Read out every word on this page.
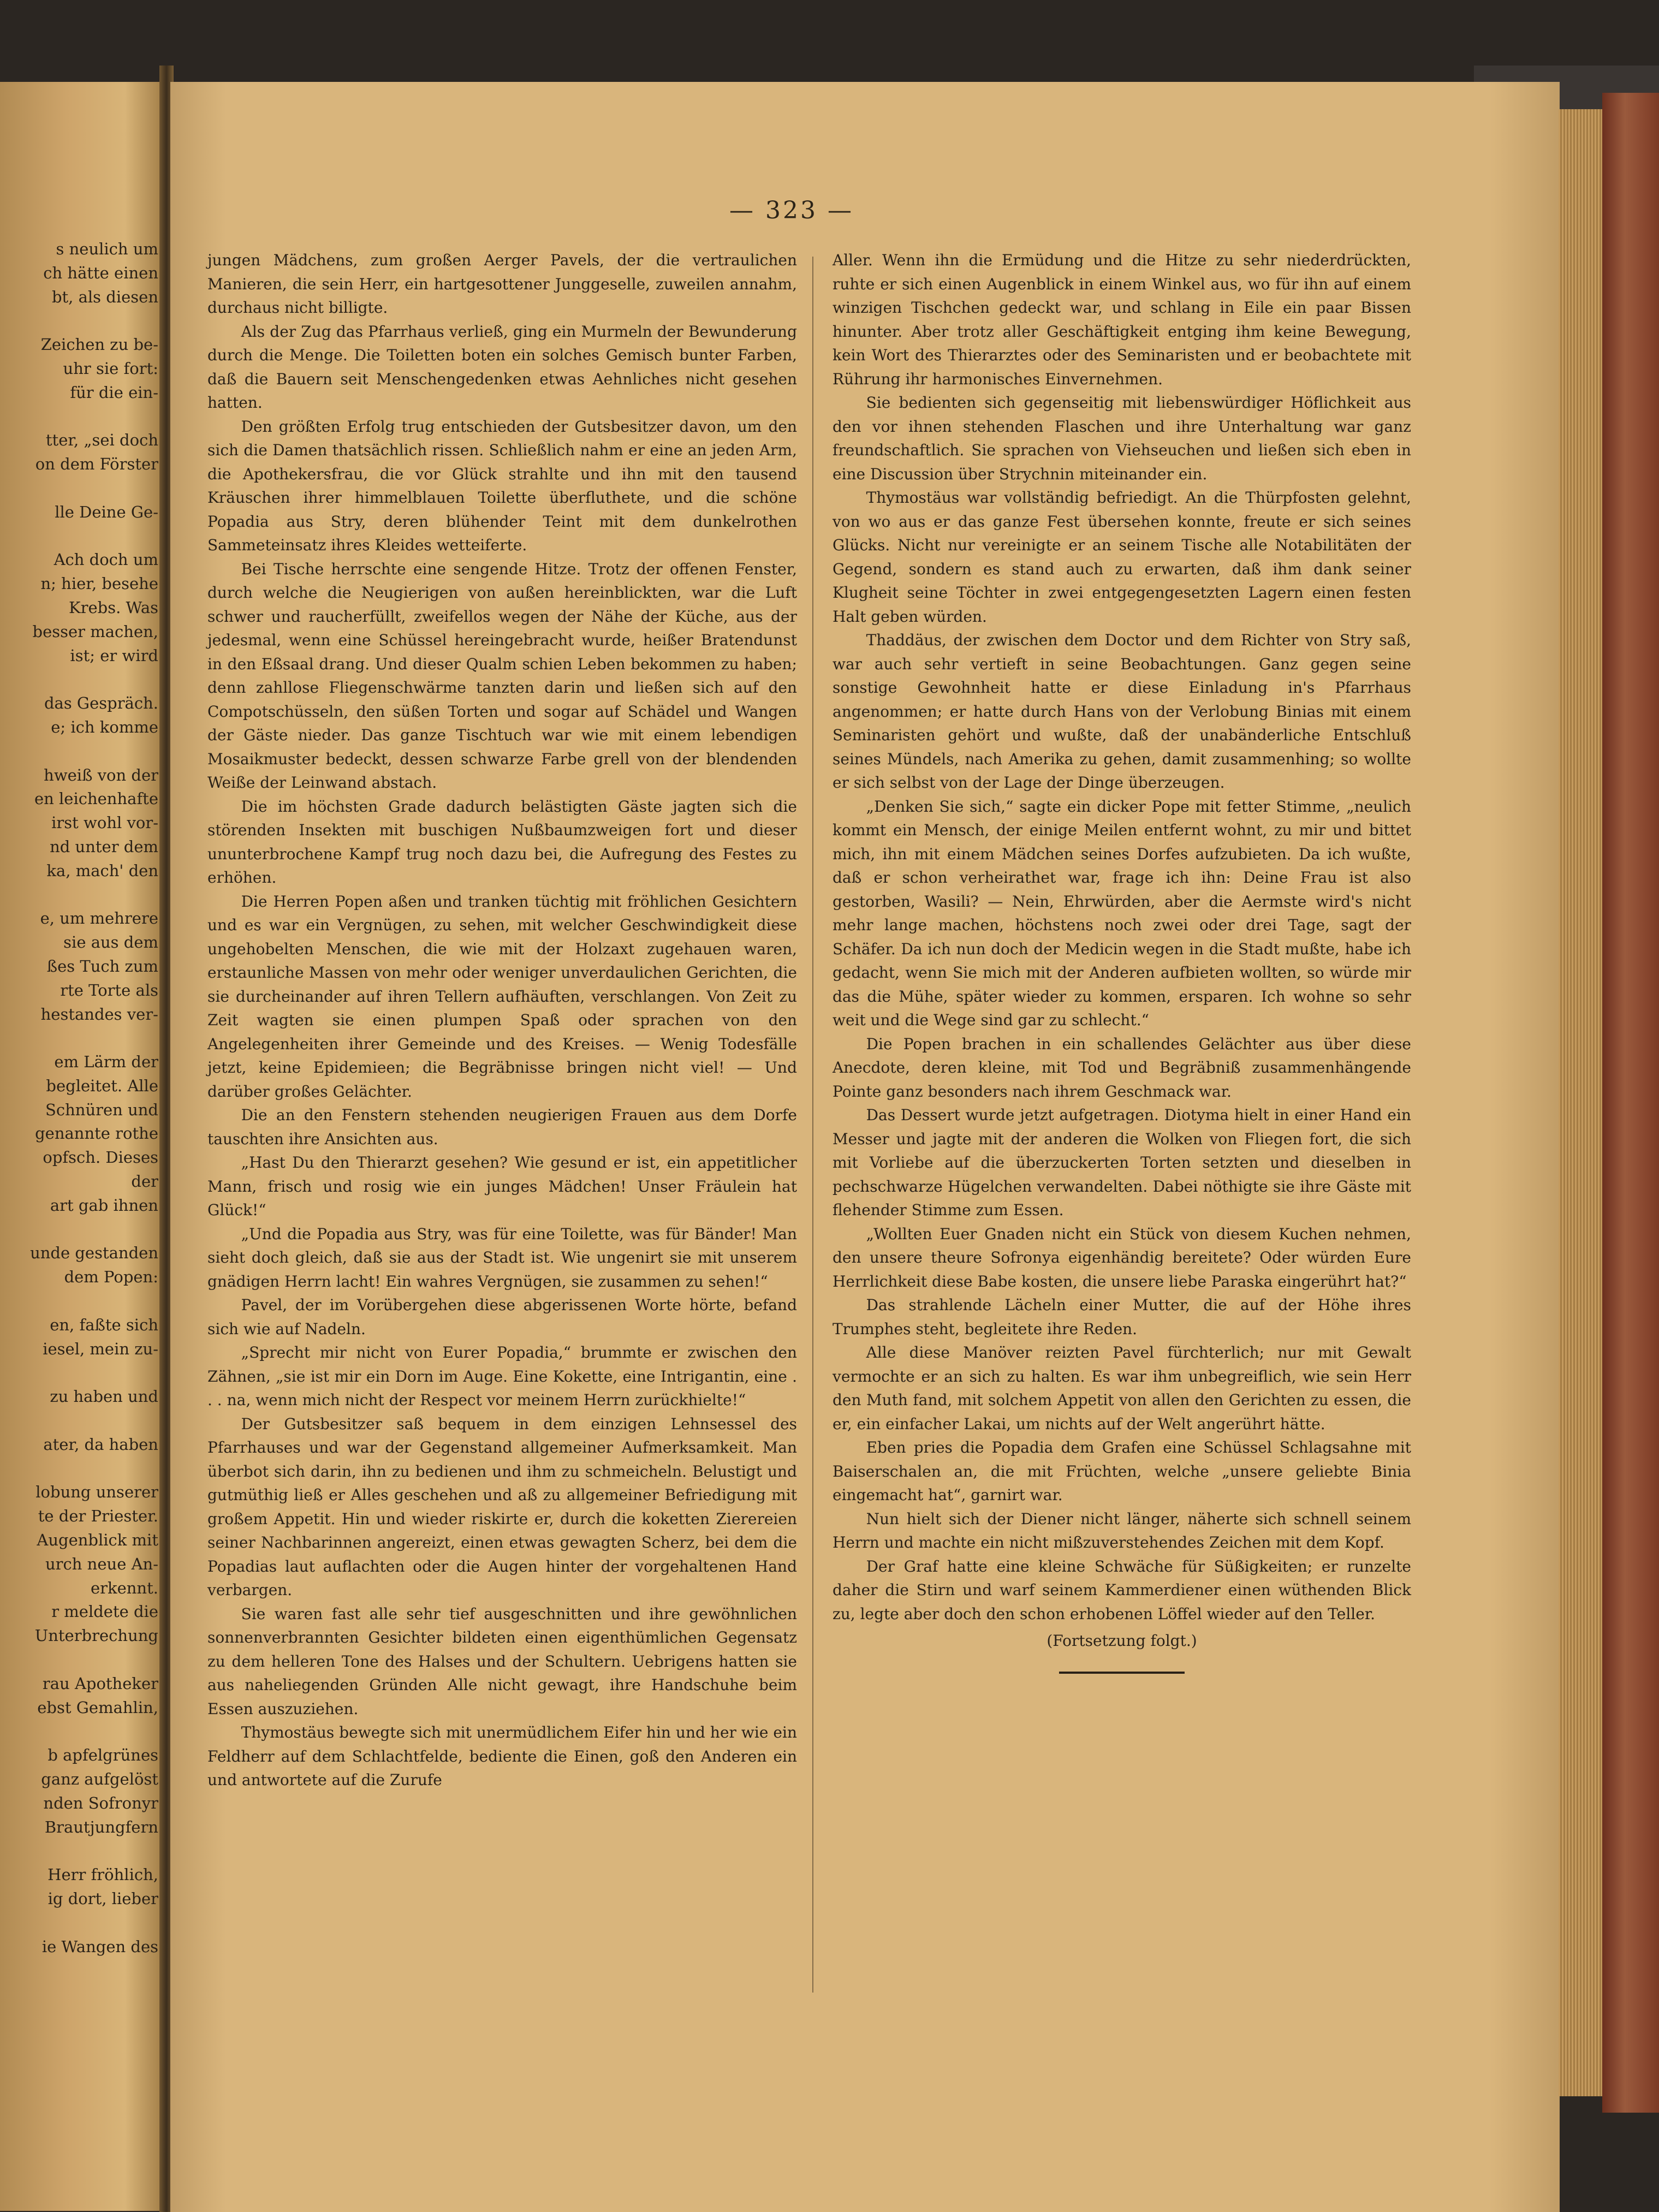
s neulich um
ch hätte einen
bt, als diesen
Zeichen zu be-
uhr sie fort:
für die ein-
tter, „sei doch
on dem Förster
lle Deine Ge-
Ach doch um
n; hier, besehe
Krebs. Was
besser machen,
ist; er wird
das Gespräch.
e; ich komme
hweiß von der
en leichenhafte
irst wohl vor-
nd unter dem
ka, mach' den
e, um mehrere
sie aus dem
ßes Tuch zum
rte Torte als
hestandes ver-
em Lärm der
begleitet. Alle
Schnüren und
genannte rothe
opfsch. Dieses
der
art gab ihnen
unde gestanden
dem Popen:
en, faßte sich
iesel, mein zu-
zu haben und
ater, da haben
lobung unserer
te der Priester.
Augenblick mit
urch neue An-
erkennt.
r meldete die
Unterbrechung
rau Apotheker
ebst Gemahlin,
b apfelgrünes
ganz aufgelöst
nden Sofronyr
Brautjungfern
Herr fröhlich,
ig dort, lieber
ie Wangen des
— 323 —

jungen Mädchens, zum großen Aerger Pavels, der die vertraulichen Manieren, die sein Herr, ein hartgesottener Junggeselle, zuweilen annahm, durchaus nicht billigte.

Als der Zug das Pfarrhaus verließ, ging ein Murmeln der Bewunderung durch die Menge. Die Toiletten boten ein solches Gemisch bunter Farben, daß die Bauern seit Menschengedenken etwas Aehnliches nicht gesehen hatten.

Den größten Erfolg trug entschieden der Gutsbesitzer davon, um den sich die Damen thatsächlich rissen. Schließlich nahm er eine an jeden Arm, die Apothekersfrau, die vor Glück strahlte und ihn mit den tausend Kräuschen ihrer himmelblauen Toilette überfluthete, und die schöne Popadia aus Stry, deren blühender Teint mit dem dunkelrothen Sammeteinsatz ihres Kleides wetteiferte.

Bei Tische herrschte eine sengende Hitze. Trotz der offenen Fenster, durch welche die Neugierigen von außen hereinblickten, war die Luft schwer und raucherfüllt, zweifellos wegen der Nähe der Küche, aus der jedesmal, wenn eine Schüssel hereingebracht wurde, heißer Bratendunst in den Eßsaal drang. Und dieser Qualm schien Leben bekommen zu haben; denn zahllose Fliegenschwärme tanzten darin und ließen sich auf den Compotschüsseln, den süßen Torten und sogar auf Schädel und Wangen der Gäste nieder. Das ganze Tischtuch war wie mit einem lebendigen Mosaikmuster bedeckt, dessen schwarze Farbe grell von der blendenden Weiße der Leinwand abstach.

Die im höchsten Grade dadurch belästigten Gäste jagten sich die störenden Insekten mit buschigen Nußbaumzweigen fort und dieser ununterbrochene Kampf trug noch dazu bei, die Aufregung des Festes zu erhöhen.

Die Herren Popen aßen und tranken tüchtig mit fröhlichen Gesichtern und es war ein Vergnügen, zu sehen, mit welcher Geschwindigkeit diese ungehobelten Menschen, die wie mit der Holzaxt zugehauen waren, erstaunliche Massen von mehr oder weniger unverdaulichen Gerichten, die sie durcheinander auf ihren Tellern aufhäuften, verschlangen. Von Zeit zu Zeit wagten sie einen plumpen Spaß oder sprachen von den Angelegenheiten ihrer Gemeinde und des Kreises. — Wenig Todesfälle jetzt, keine Epidemieen; die Begräbnisse bringen nicht viel! — Und darüber großes Gelächter.

Die an den Fenstern stehenden neugierigen Frauen aus dem Dorfe tauschten ihre Ansichten aus.

„Hast Du den Thierarzt gesehen? Wie gesund er ist, ein appetitlicher Mann, frisch und rosig wie ein junges Mädchen! Unser Fräulein hat Glück!“

„Und die Popadia aus Stry, was für eine Toilette, was für Bänder! Man sieht doch gleich, daß sie aus der Stadt ist. Wie ungenirt sie mit unserem gnädigen Herrn lacht! Ein wahres Vergnügen, sie zusammen zu sehen!“

Pavel, der im Vorübergehen diese abgerissenen Worte hörte, befand sich wie auf Nadeln.

„Sprecht mir nicht von Eurer Popadia,“ brummte er zwischen den Zähnen, „sie ist mir ein Dorn im Auge. Eine Kokette, eine Intrigantin, eine . . . na, wenn mich nicht der Respect vor meinem Herrn zurückhielte!“

Der Gutsbesitzer saß bequem in dem einzigen Lehnsessel des Pfarrhauses und war der Gegenstand allgemeiner Aufmerksamkeit. Man überbot sich darin, ihn zu bedienen und ihm zu schmeicheln. Belustigt und gutmüthig ließ er Alles geschehen und aß zu allgemeiner Befriedigung mit großem Appetit. Hin und wieder riskirte er, durch die koketten Zierereien seiner Nachbarinnen angereizt, einen etwas gewagten Scherz, bei dem die Popadias laut auflachten oder die Augen hinter der vorgehaltenen Hand verbargen.

Sie waren fast alle sehr tief ausgeschnitten und ihre gewöhnlichen sonnenverbrannten Gesichter bildeten einen eigenthümlichen Gegensatz zu dem helleren Tone des Halses und der Schultern. Uebrigens hatten sie aus naheliegenden Gründen Alle nicht gewagt, ihre Handschuhe beim Essen auszuziehen.

Thymostäus bewegte sich mit unermüdlichem Eifer hin und her wie ein Feldherr auf dem Schlachtfelde, bediente die Einen, goß den Anderen ein und antwortete auf die Zurufe

Aller. Wenn ihn die Ermüdung und die Hitze zu sehr niederdrückten, ruhte er sich einen Augenblick in einem Winkel aus, wo für ihn auf einem winzigen Tischchen gedeckt war, und schlang in Eile ein paar Bissen hinunter. Aber trotz aller Geschäftigkeit entging ihm keine Bewegung, kein Wort des Thierarztes oder des Seminaristen und er beobachtete mit Rührung ihr harmonisches Einvernehmen.

Sie bedienten sich gegenseitig mit liebenswürdiger Höflichkeit aus den vor ihnen stehenden Flaschen und ihre Unterhaltung war ganz freundschaftlich. Sie sprachen von Viehseuchen und ließen sich eben in eine Discussion über Strychnin miteinander ein.

Thymostäus war vollständig befriedigt. An die Thürpfosten gelehnt, von wo aus er das ganze Fest übersehen konnte, freute er sich seines Glücks. Nicht nur vereinigte er an seinem Tische alle Notabilitäten der Gegend, sondern es stand auch zu erwarten, daß ihm dank seiner Klugheit seine Töchter in zwei entgegengesetzten Lagern einen festen Halt geben würden.

Thaddäus, der zwischen dem Doctor und dem Richter von Stry saß, war auch sehr vertieft in seine Beobachtungen. Ganz gegen seine sonstige Gewohnheit hatte er diese Einladung in's Pfarrhaus angenommen; er hatte durch Hans von der Verlobung Binias mit einem Seminaristen gehört und wußte, daß der unabänderliche Entschluß seines Mündels, nach Amerika zu gehen, damit zusammenhing; so wollte er sich selbst von der Lage der Dinge überzeugen.

„Denken Sie sich,“ sagte ein dicker Pope mit fetter Stimme, „neulich kommt ein Mensch, der einige Meilen entfernt wohnt, zu mir und bittet mich, ihn mit einem Mädchen seines Dorfes aufzubieten. Da ich wußte, daß er schon verheirathet war, frage ich ihn: Deine Frau ist also gestorben, Wasili? — Nein, Ehrwürden, aber die Aermste wird's nicht mehr lange machen, höchstens noch zwei oder drei Tage, sagt der Schäfer. Da ich nun doch der Medicin wegen in die Stadt mußte, habe ich gedacht, wenn Sie mich mit der Anderen aufbieten wollten, so würde mir das die Mühe, später wieder zu kommen, ersparen. Ich wohne so sehr weit und die Wege sind gar zu schlecht.“

Die Popen brachen in ein schallendes Gelächter aus über diese Anecdote, deren kleine, mit Tod und Begräbniß zusammenhängende Pointe ganz besonders nach ihrem Geschmack war.

Das Dessert wurde jetzt aufgetragen. Diotyma hielt in einer Hand ein Messer und jagte mit der anderen die Wolken von Fliegen fort, die sich mit Vorliebe auf die überzuckerten Torten setzten und dieselben in pechschwarze Hügelchen verwandelten. Dabei nöthigte sie ihre Gäste mit flehender Stimme zum Essen.

„Wollten Euer Gnaden nicht ein Stück von diesem Kuchen nehmen, den unsere theure Sofronya eigenhändig bereitete? Oder würden Eure Herrlichkeit diese Babe kosten, die unsere liebe Paraska eingerührt hat?“

Das strahlende Lächeln einer Mutter, die auf der Höhe ihres Trumphes steht, begleitete ihre Reden.

Alle diese Manöver reizten Pavel fürchterlich; nur mit Gewalt vermochte er an sich zu halten. Es war ihm unbegreiflich, wie sein Herr den Muth fand, mit solchem Appetit von allen den Gerichten zu essen, die er, ein einfacher Lakai, um nichts auf der Welt angerührt hätte.

Eben pries die Popadia dem Grafen eine Schüssel Schlagsahne mit Baiserschalen an, die mit Früchten, welche „unsere geliebte Binia eingemacht hat“, garnirt war.

Nun hielt sich der Diener nicht länger, näherte sich schnell seinem Herrn und machte ein nicht mißzuverstehendes Zeichen mit dem Kopf.

Der Graf hatte eine kleine Schwäche für Süßigkeiten; er runzelte daher die Stirn und warf seinem Kammerdiener einen wüthenden Blick zu, legte aber doch den schon erhobenen Löffel wieder auf den Teller.

(Fortsetzung folgt.)
